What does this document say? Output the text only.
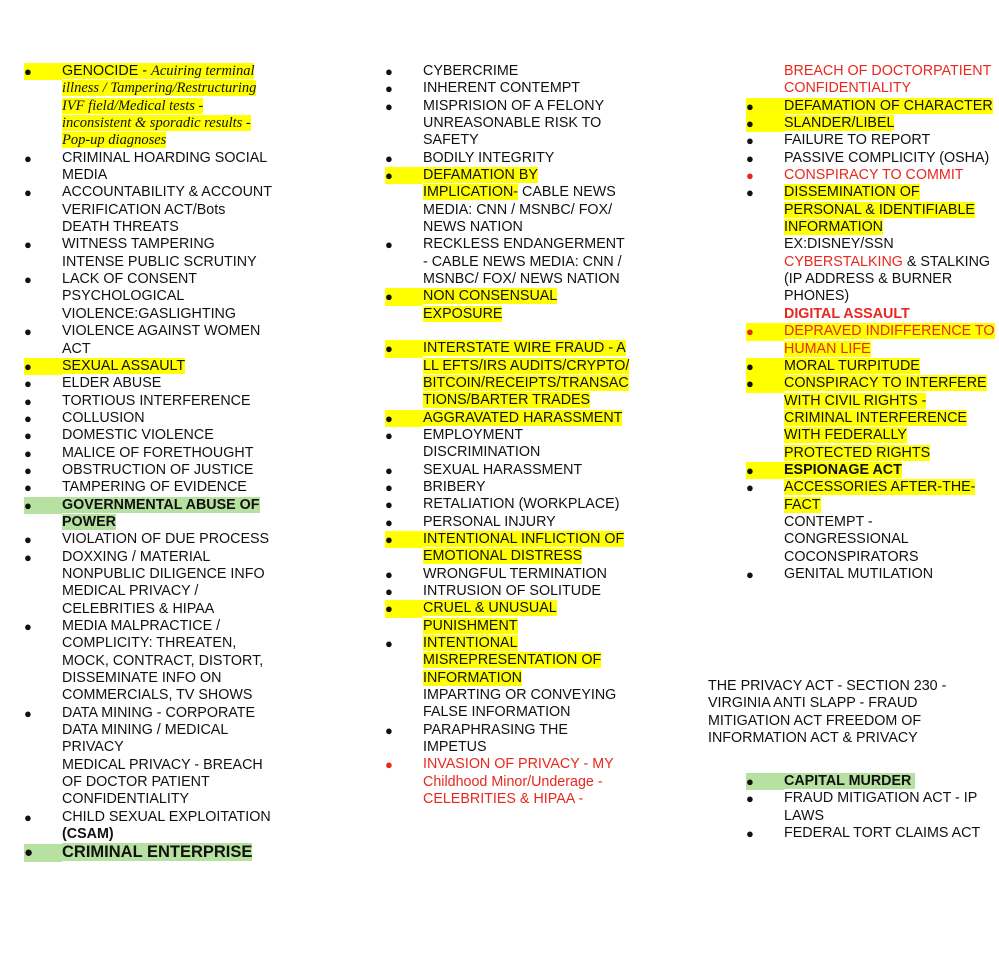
●	GENOCIDE - Acuiring terminal illness / Tampering/Restructuring IVF field/Medical tests - inconsistent & sporadic results - Pop-up diagnoses
●	CRIMINAL HOARDING SOCIAL MEDIA
●	ACCOUNTABILITY & ACCOUNT VERIFICATION ACT/Bots DEATH THREATS
●	WITNESS TAMPERING INTENSE PUBLIC SCRUTINY
●	LACK OF CONSENT PSYCHOLOGICAL VIOLENCE:GASLIGHTING
●	VIOLENCE AGAINST WOMEN ACT
●	SEXUAL ASSAULT
●	ELDER ABUSE
●	TORTIOUS INTERFERENCE
●	COLLUSION
●	DOMESTIC VIOLENCE
●	MALICE OF FORETHOUGHT
●	OBSTRUCTION OF JUSTICE
●	TAMPERING OF EVIDENCE
●	GOVERNMENTAL ABUSE OF POWER
●	VIOLATION OF DUE PROCESS
●	DOXXING / MATERIAL NONPUBLIC DILIGENCE INFO
MEDICAL PRIVACY / CELEBRITIES & HIPAA
●	MEDIA MALPRACTICE / COMPLICITY: THREATEN, MOCK, CONTRACT, DISTORT, DISSEMINATE INFO ON COMMERCIALS, TV SHOWS
●	DATA MINING - CORPORATE DATA MINING / MEDICAL PRIVACY
MEDICAL PRIVACY - BREACH OF DOCTOR PATIENT CONFIDENTIALITY
●	CHILD SEXUAL EXPLOITATION (CSAM)
●	CRIMINAL ENTERPRISE
●	CYBERCRIME
●	INHERENT CONTEMPT
●	MISPRISION OF A FELONY UNREASONABLE RISK TO SAFETY
●	BODILY INTEGRITY
●	DEFAMATION BY IMPLICATION- CABLE NEWS MEDIA: CNN / MSNBC/ FOX/ NEWS NATION
●	RECKLESS ENDANGERMENT - CABLE NEWS MEDIA: CNN / MSNBC/ FOX/ NEWS NATION
●	NON CONSENSUAL EXPOSURE
●	INTERSTATE WIRE FRAUD - ALL EFTS/IRS AUDITS/CRYPTO/BITCOIN/RECEIPTS/TRANSACTIONS/BARTER TRADES
●	AGGRAVATED HARASSMENT
●	EMPLOYMENT DISCRIMINATION
●	SEXUAL HARASSMENT
●	BRIBERY
●	RETALIATION (WORKPLACE)
●	PERSONAL INJURY
●	INTENTIONAL INFLICTION OF EMOTIONAL DISTRESS
●	WRONGFUL TERMINATION
●	INTRUSION OF SOLITUDE
●	CRUEL & UNUSUAL PUNISHMENT
●	INTENTIONAL MISREPRESENTATION OF INFORMATION
IMPARTING OR CONVEYING FALSE INFORMATION
●	PARAPHRASING THE IMPETUS
●	INVASION OF PRIVACY - MY Childhood Minor/Underage - CELEBRITIES & HIPAA -
BREACH OF DOCTORPATIENT CONFIDENTIALITY
●	DEFAMATION OF CHARACTER
●	SLANDER/LIBEL
●	FAILURE TO REPORT
●	PASSIVE COMPLICITY (OSHA)
●	CONSPIRACY TO COMMIT
●	DISSEMINATION OF PERSONAL & IDENTIFIABLE INFORMATION
EX:DISNEY/SSN
CYBERSTALKING & STALKING (IP ADDRESS & BURNER PHONES)
DIGITAL ASSAULT
●	DEPRAVED INDIFFERENCE TO HUMAN LIFE
●	MORAL TURPITUDE
●	CONSPIRACY TO INTERFERE WITH CIVIL RIGHTS - CRIMINAL INTERFERENCE WITH FEDERALLY PROTECTED RIGHTS
●	ESPIONAGE ACT
●	ACCESSORIES AFTER-THE-FACT
CONTEMPT - CONGRESSIONAL COCONSPIRATORS
●	GENITAL MUTILATION
THE PRIVACY ACT - SECTION 230 - VIRGINIA ANTI SLAPP - FRAUD MITIGATION ACT FREEDOM OF INFORMATION ACT & PRIVACY
●	CAPITAL MURDER
●	FRAUD MITIGATION ACT - IP LAWS
●	FEDERAL TORT CLAIMS ACT
